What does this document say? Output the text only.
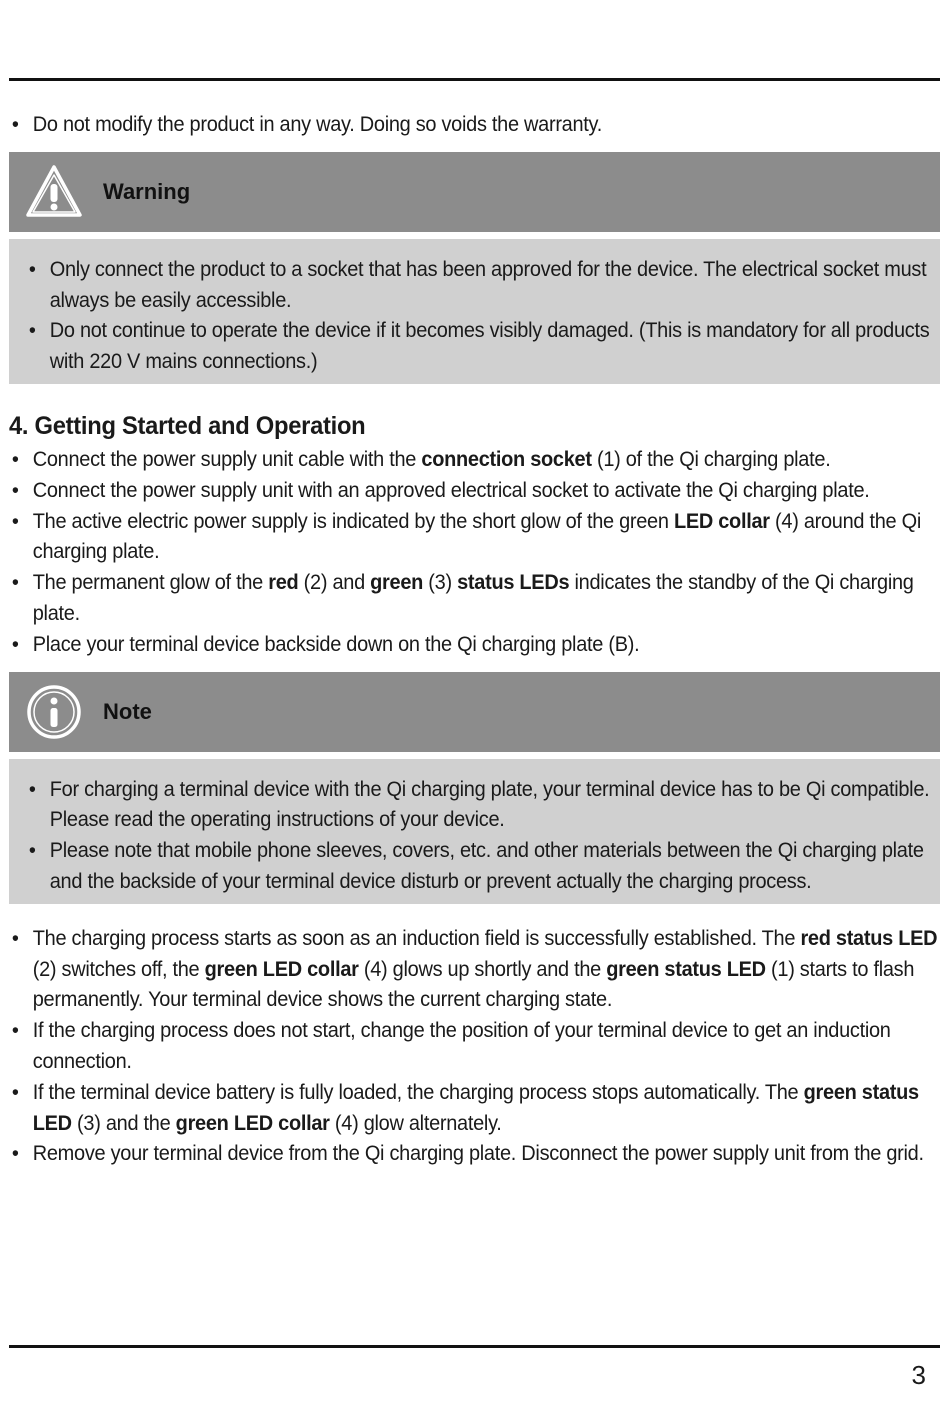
• Do not modify the product in any way. Doing so voids the warranty.
Warning
• Only connect the product to a socket that has been approved for the device. The electrical socket must always be easily accessible.
• Do not continue to operate the device if it becomes visibly damaged. (This is mandatory for all products with 220 V mains connections.)
4. Getting Started and Operation
• Connect the power supply unit cable with the connection socket (1) of the Qi charging plate.
• Connect the power supply unit with an approved electrical socket to activate the Qi charging plate.
• The active electric power supply is indicated by the short glow of the green LED collar (4) around the Qi charging plate.
• The permanent glow of the red (2) and green (3) status LEDs indicates the standby of the Qi charging plate.
• Place your terminal device backside down on the Qi charging plate (B).
Note
• For charging a terminal device with the Qi charging plate, your terminal device has to be Qi compatible. Please read the operating instructions of your device.
• Please note that mobile phone sleeves, covers, etc. and other materials between the Qi charging plate and the backside of your terminal device disturb or prevent actually the charging process.
• The charging process starts as soon as an induction field is successfully established. The red status LED (2) switches off, the green LED collar (4) glows up shortly and the green status LED (1) starts to flash permanently. Your terminal device shows the current charging state.
• If the charging process does not start, change the position of your terminal device to get an induction connection.
• If the terminal device battery is fully loaded, the charging process stops automatically. The green status LED (3) and the green LED collar (4) glow alternately.
• Remove your terminal device from the Qi charging plate. Disconnect the power supply unit from the grid.
3
